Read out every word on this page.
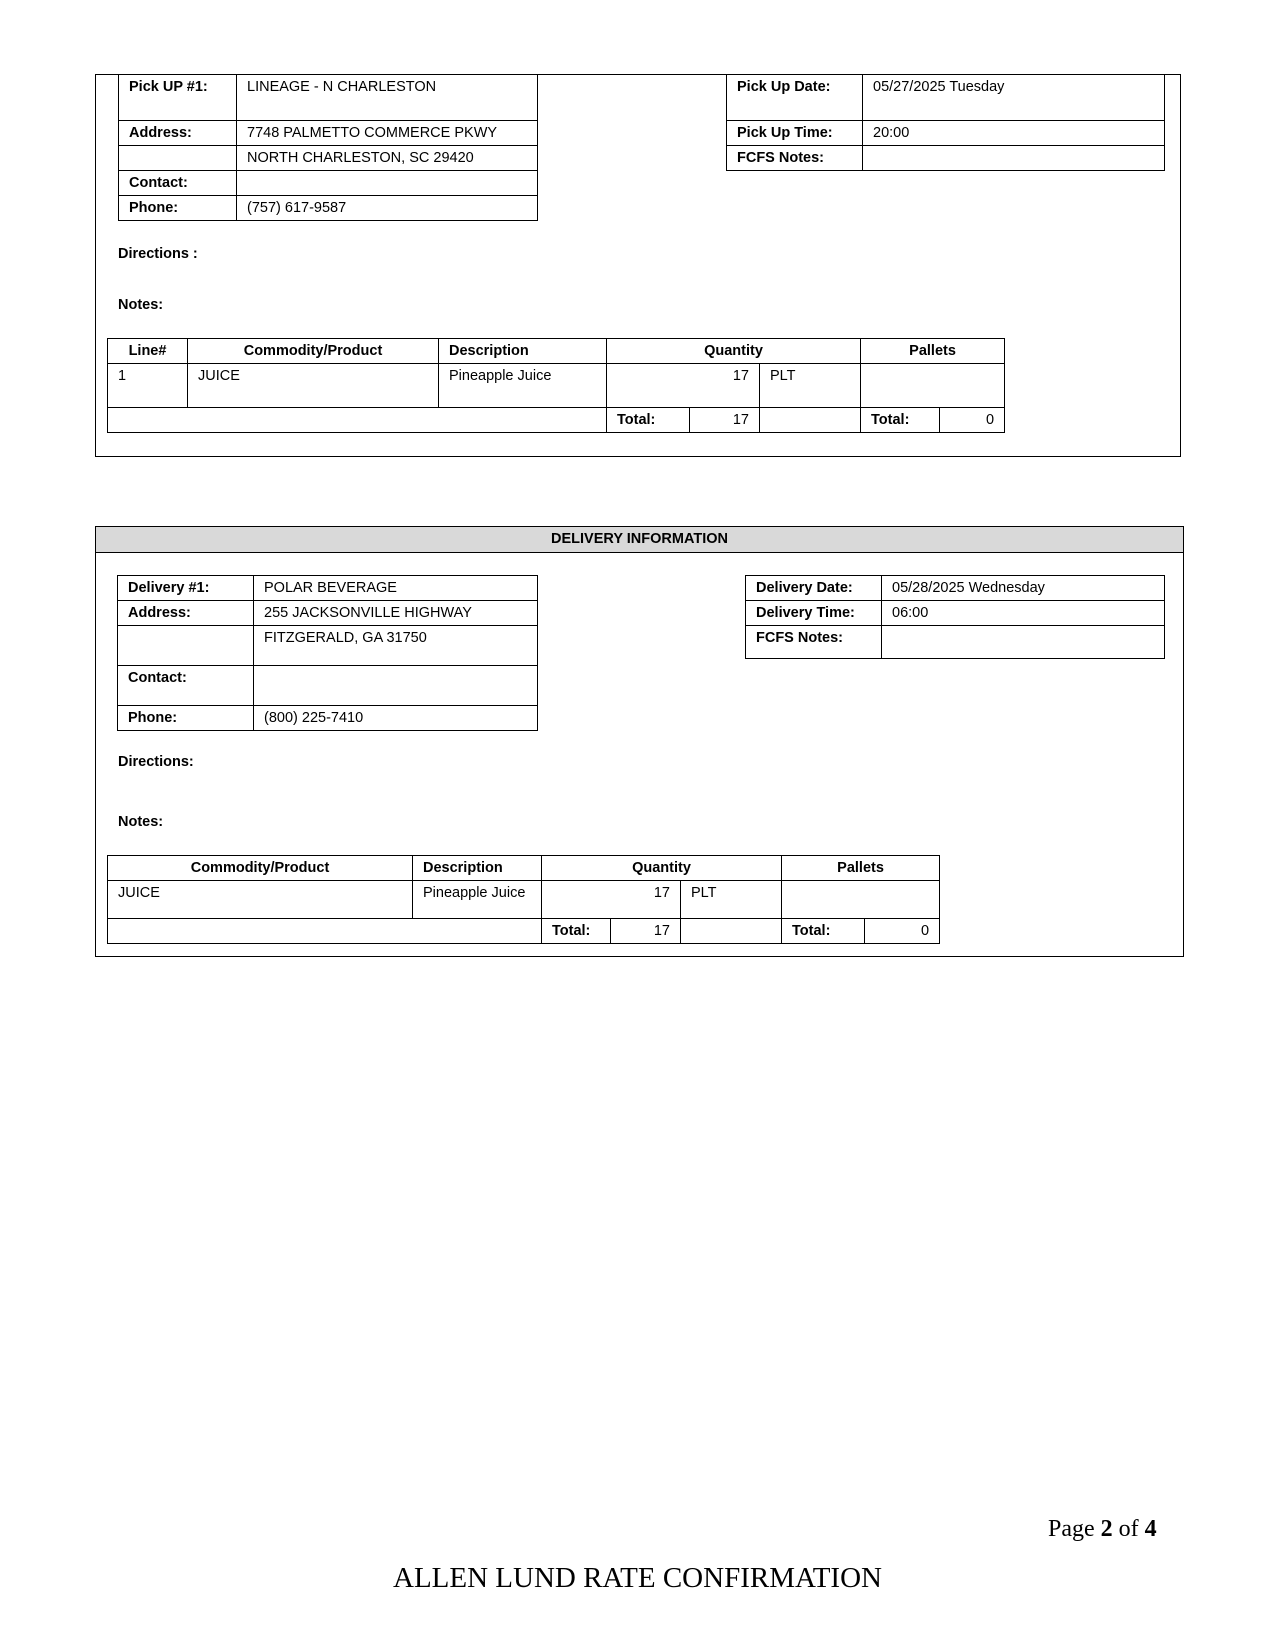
Pick UP #1:	LINEAGE - N CHARLESTON
Address:	7748 PALMETTO COMMERCE PKWY
	NORTH CHARLESTON, SC 29420
Contact:	
Phone:	(757) 617-9587
Pick Up Date:	05/27/2025 Tuesday
Pick Up Time:	20:00
FCFS Notes:	
Directions :
Notes:
Line#	Commodity/Product	Description	Quantity			Pallets	
1	JUICE	Pineapple Juice	17		PLT		
			Total:	17		Total:	0
DELIVERY INFORMATION
Delivery #1:	POLAR BEVERAGE
Address:	255 JACKSONVILLE HIGHWAY
	FITZGERALD, GA 31750
Contact:	
Phone:	(800) 225-7410
Delivery Date:	05/28/2025 Wednesday
Delivery Time:	06:00
FCFS Notes:	
Directions:
Notes:
Commodity/Product	Description	Quantity			Pallets	
JUICE	Pineapple Juice	17		PLT		
		Total:	17		Total:	0
Page 2 of 4
ALLEN LUND RATE CONFIRMATION
